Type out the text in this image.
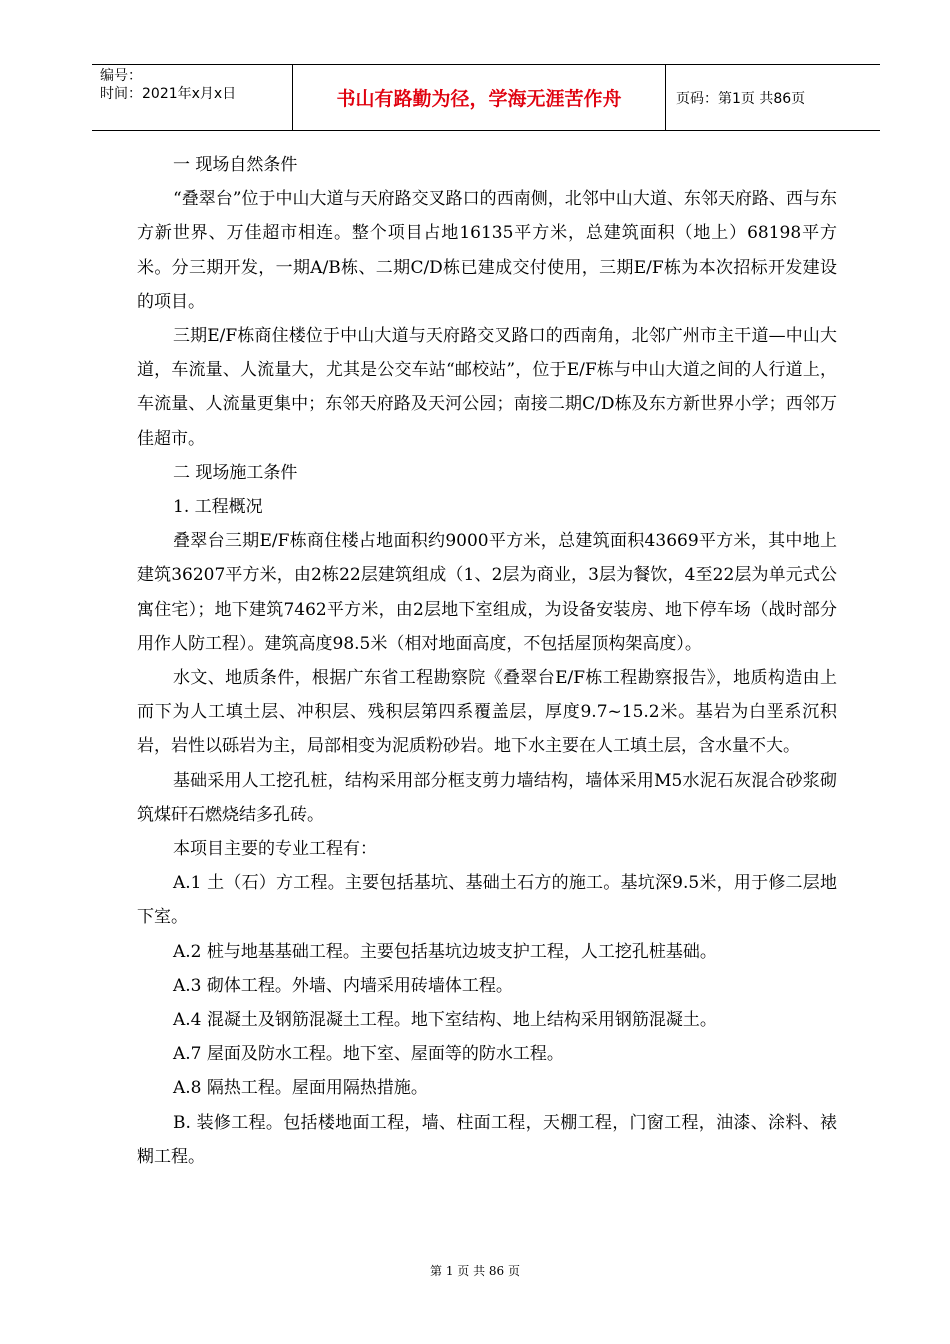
编号：
时间：2021年x月x日	书山有路勤为径，学海无涯苦作舟	页码：第1页 共86页

一 现场自然条件

“叠翠台”位于中山大道与天府路交叉路口的西南侧，北邻中山大道、东邻天府路、西与东方新世界、万佳超市相连。整个项目占地16135平方米，总建筑面积（地上）68198平方米。分三期开发，一期A/B栋、二期C/D栋已建成交付使用，三期E/F栋为本次招标开发建设的项目。

三期E/F栋商住楼位于中山大道与天府路交叉路口的西南角，北邻广州市主干道—中山大道，车流量、人流量大，尤其是公交车站“邮校站”，位于E/F栋与中山大道之间的人行道上，车流量、人流量更集中；东邻天府路及天河公园；南接二期C/D栋及东方新世界小学；西邻万佳超市。

二 现场施工条件

1. 工程概况

叠翠台三期E/F栋商住楼占地面积约9000平方米，总建筑面积43669平方米，其中地上建筑36207平方米，由2栋22层建筑组成（1、2层为商业，3层为餐饮，4至22层为单元式公寓住宅）；地下建筑7462平方米，由2层地下室组成，为设备安装房、地下停车场（战时部分用作人防工程）。建筑高度98.5米（相对地面高度，不包括屋顶构架高度）。

水文、地质条件，根据广东省工程勘察院《叠翠台E/F栋工程勘察报告》，地质构造由上而下为人工填土层、冲积层、残积层第四系覆盖层，厚度9.7~15.2米。基岩为白垩系沉积岩，岩性以砾岩为主，局部相变为泥质粉砂岩。地下水主要在人工填土层，含水量不大。

基础采用人工挖孔桩，结构采用部分框支剪力墙结构，墙体采用M5水泥石灰混合砂浆砌筑煤矸石燃烧结多孔砖。

本项目主要的专业工程有：

A.1 土（石）方工程。主要包括基坑、基础土石方的施工。基坑深9.5米，用于修二层地下室。

A.2 桩与地基基础工程。主要包括基坑边坡支护工程，人工挖孔桩基础。

A.3 砌体工程。外墙、内墙采用砖墙体工程。

A.4 混凝土及钢筋混凝土工程。地下室结构、地上结构采用钢筋混凝土。

A.7 屋面及防水工程。地下室、屋面等的防水工程。

A.8 隔热工程。屋面用隔热措施。

B. 装修工程。包括楼地面工程，墙、柱面工程，天棚工程，门窗工程，油漆、涂料、裱糊工程。

第 1 页 共 86 页
